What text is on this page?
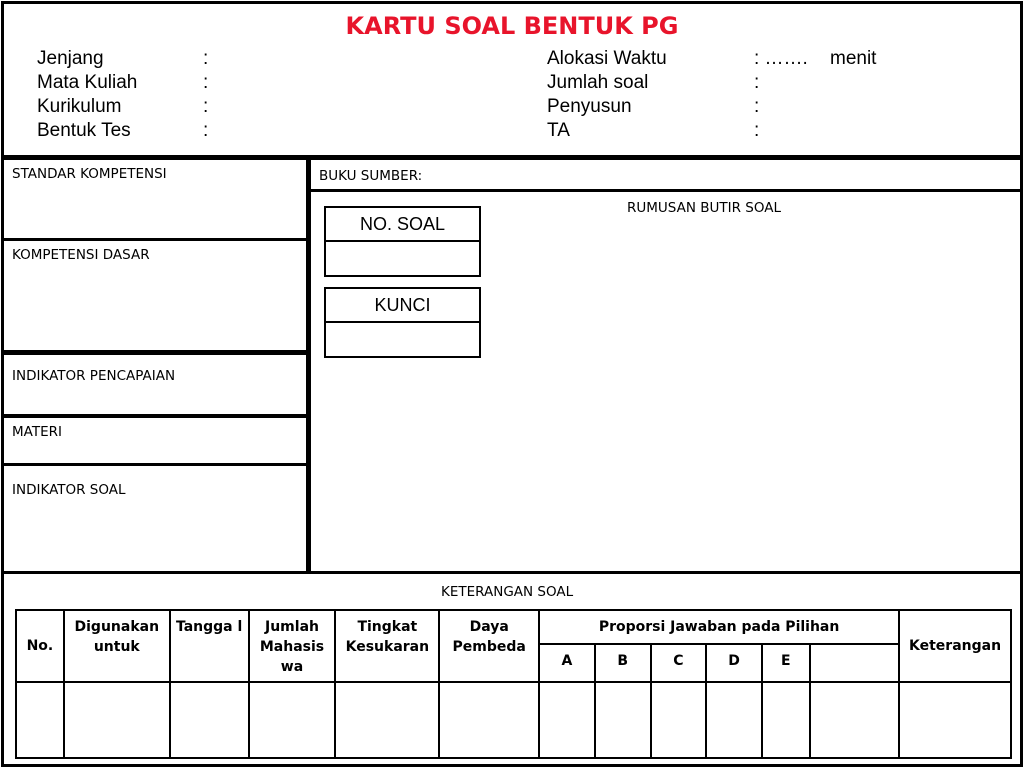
KARTU SOAL BENTUK PG
Jenjang	:
Mata Kuliah	:
Kurikulum	:
Bentuk Tes	:
Alokasi Waktu	: ……. menit
Jumlah soal	:
Penyusun	:
TA	:
STANDAR KOMPETENSI
KOMPETENSI DASAR
INDIKATOR PENCAPAIAN
MATERI
INDIKATOR SOAL
BUKU SUMBER:
RUMUSAN BUTIR SOAL
NO. SOAL
KUNCI
KETERANGAN SOAL
No.	Digunakan untuk	Tangga l	Jumlah Mahasis wa	Tingkat Kesukaran	Daya Pembeda	Proporsi Jawaban pada Pilihan						Keterangan
						A	B	C	D	E		
